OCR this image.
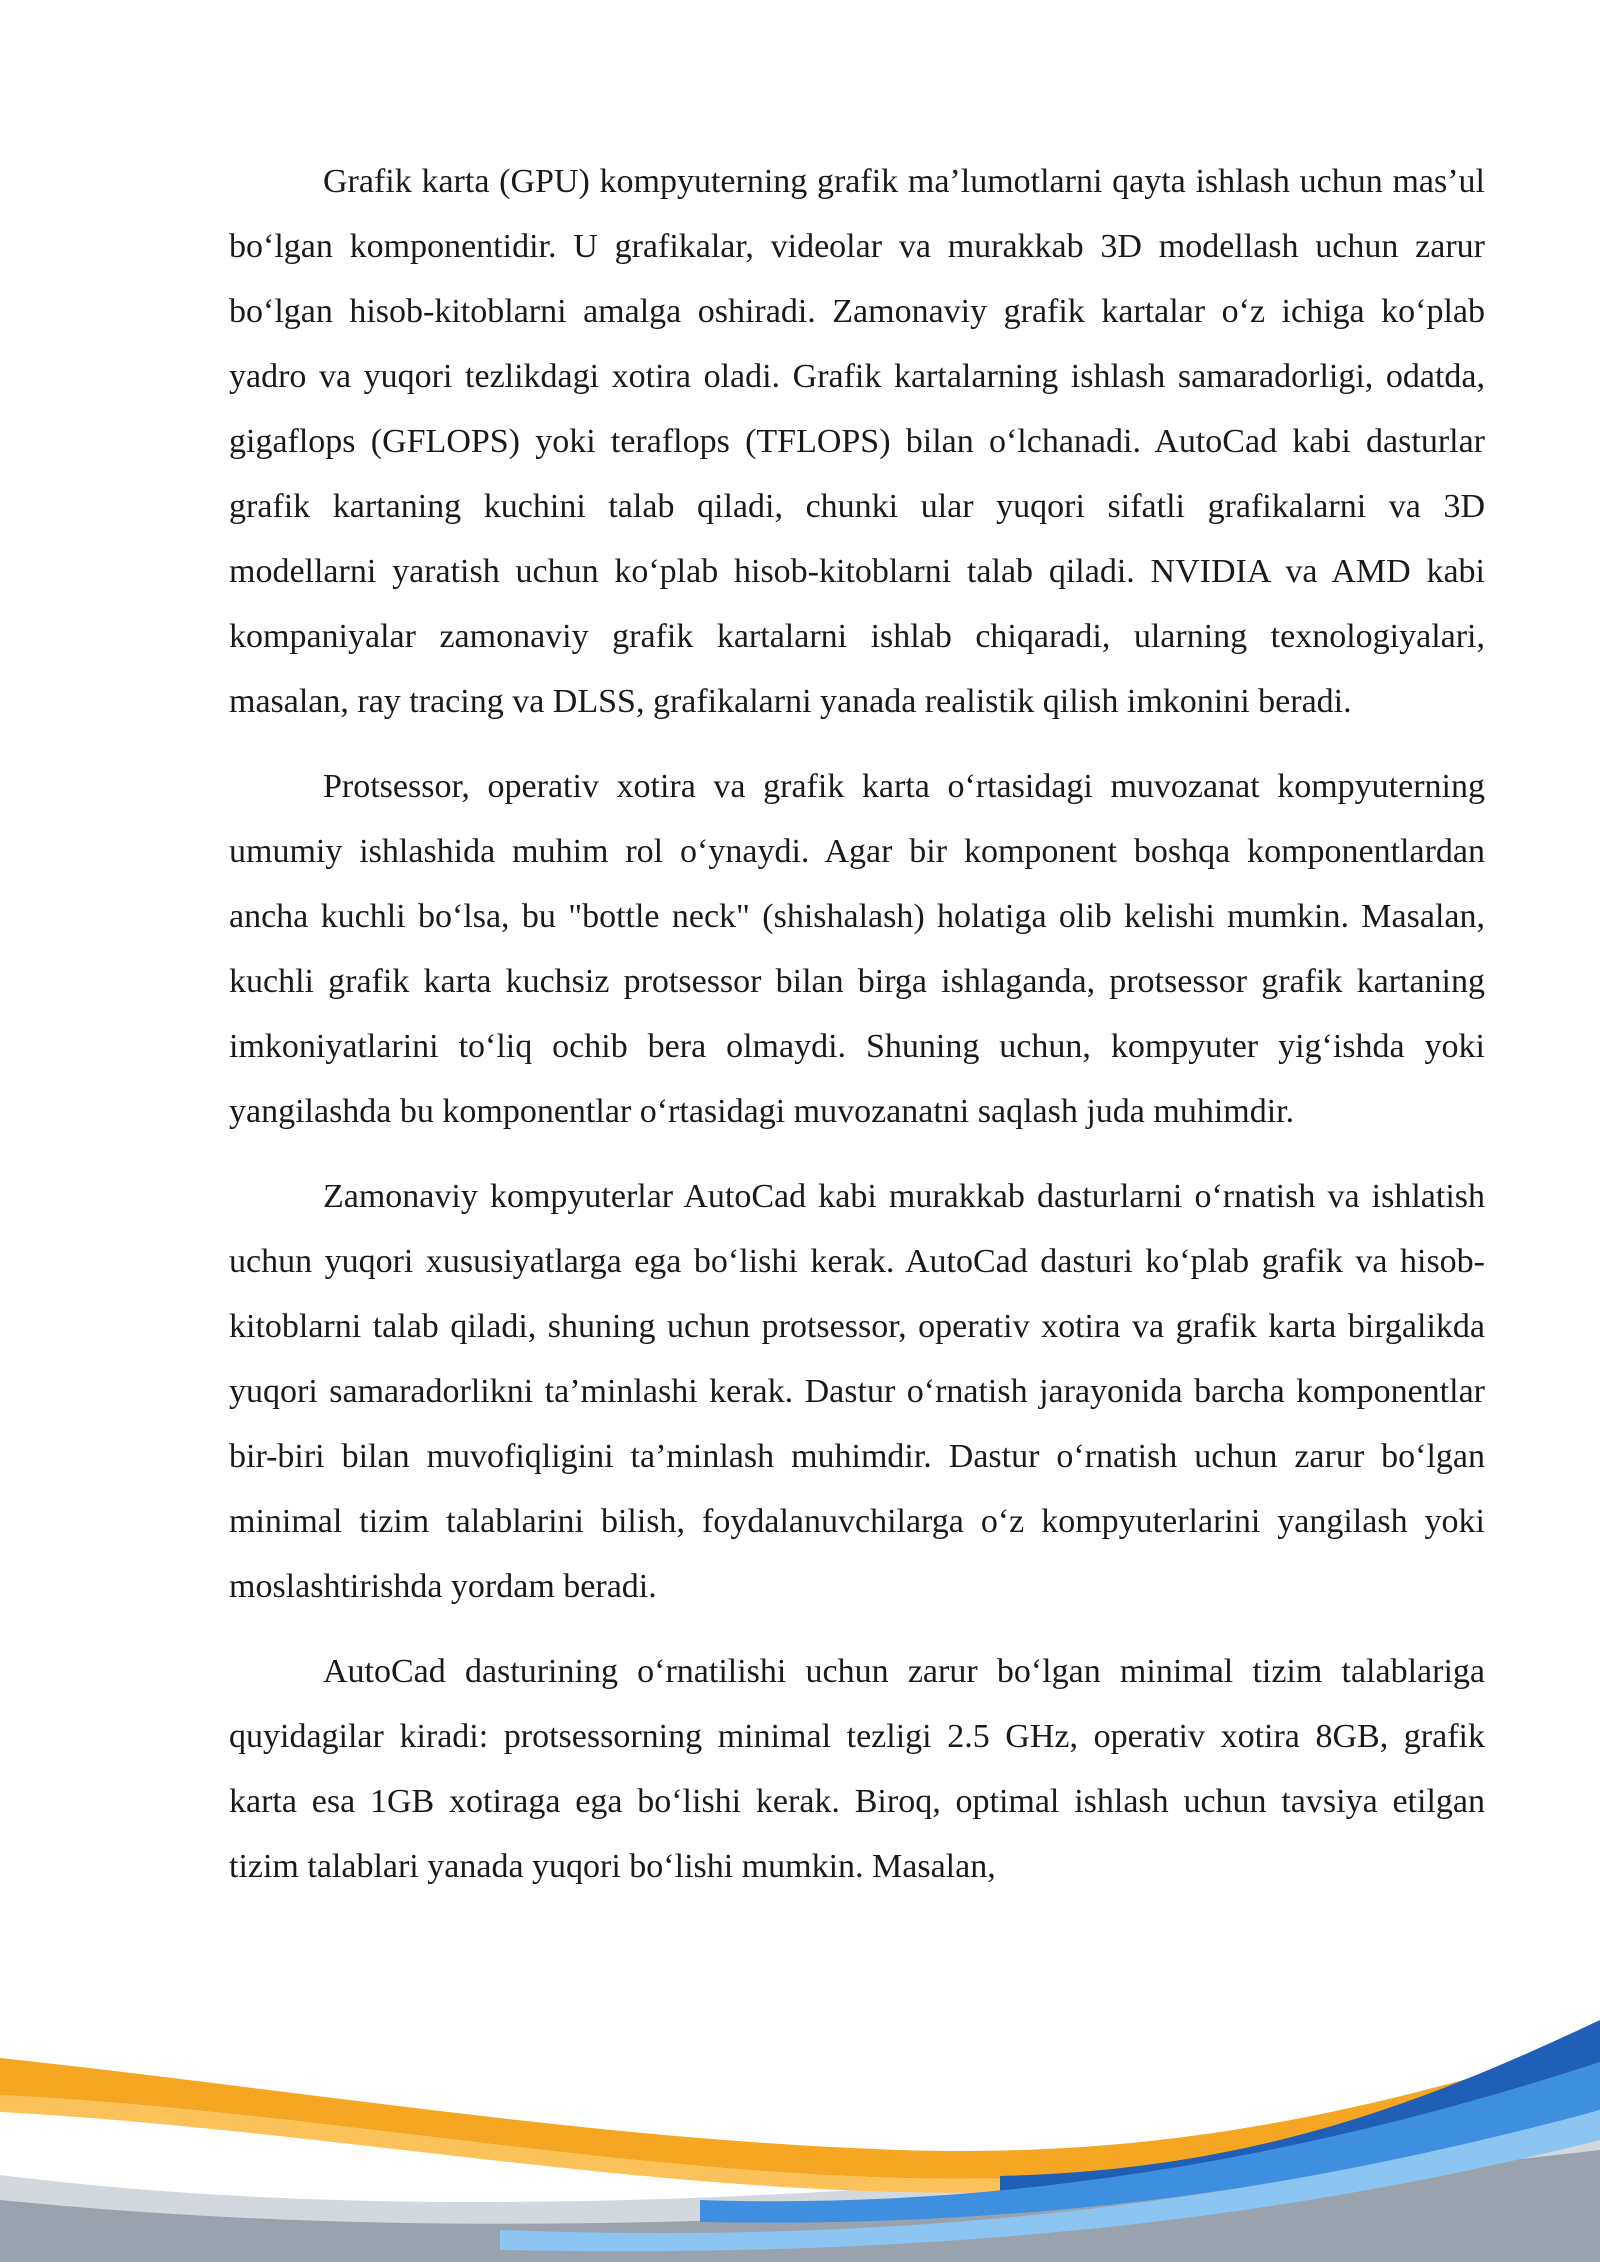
Grafik karta (GPU) kompyuterning grafik ma’lumotlarni qayta ishlash uchun mas’ul bo‘lgan komponentidir. U grafikalar, videolar va murakkab 3D modellash uchun zarur bo‘lgan hisob-kitoblarni amalga oshiradi. Zamonaviy grafik kartalar o‘z ichiga ko‘plab yadro va yuqori tezlikdagi xotira oladi. Grafik kartalarning ishlash samaradorligi, odatda, gigaflops (GFLOPS) yoki teraflops (TFLOPS) bilan o‘lchanadi. AutoCad kabi dasturlar grafik kartaning kuchini talab qiladi, chunki ular yuqori sifatli grafikalarni va 3D modellarni yaratish uchun ko‘plab hisob-kitoblarni talab qiladi. NVIDIA va AMD kabi kompaniyalar zamonaviy grafik kartalarni ishlab chiqaradi, ularning texnologiyalari, masalan, ray tracing va DLSS, grafikalarni yanada realistik qilish imkonini beradi.

Protsessor, operativ xotira va grafik karta o‘rtasidagi muvozanat kompyuterning umumiy ishlashida muhim rol o‘ynaydi. Agar bir komponent boshqa komponentlardan ancha kuchli bo‘lsa, bu "bottle neck" (shishalash) holatiga olib kelishi mumkin. Masalan, kuchli grafik karta kuchsiz protsessor bilan birga ishlaganda, protsessor grafik kartaning imkoniyatlarini to‘liq ochib bera olmaydi. Shuning uchun, kompyuter yig‘ishda yoki yangilashda bu komponentlar o‘rtasidagi muvozanatni saqlash juda muhimdir.

Zamonaviy kompyuterlar AutoCad kabi murakkab dasturlarni o‘rnatish va ishlatish uchun yuqori xususiyatlarga ega bo‘lishi kerak. AutoCad dasturi ko‘plab grafik va hisob-kitoblarni talab qiladi, shuning uchun protsessor, operativ xotira va grafik karta birgalikda yuqori samaradorlikni ta’minlashi kerak. Dastur o‘rnatish jarayonida barcha komponentlar bir-biri bilan muvofiqligini ta’minlash muhimdir. Dastur o‘rnatish uchun zarur bo‘lgan minimal tizim talablarini bilish, foydalanuvchilarga o‘z kompyuterlarini yangilash yoki moslashtirishda yordam beradi.

AutoCad dasturining o‘rnatilishi uchun zarur bo‘lgan minimal tizim talablariga quyidagilar kiradi: protsessorning minimal tezligi 2.5 GHz, operativ xotira 8GB, grafik karta esa 1GB xotiraga ega bo‘lishi kerak. Biroq, optimal ishlash uchun tavsiya etilgan tizim talablari yanada yuqori bo‘lishi mumkin. Masalan,
